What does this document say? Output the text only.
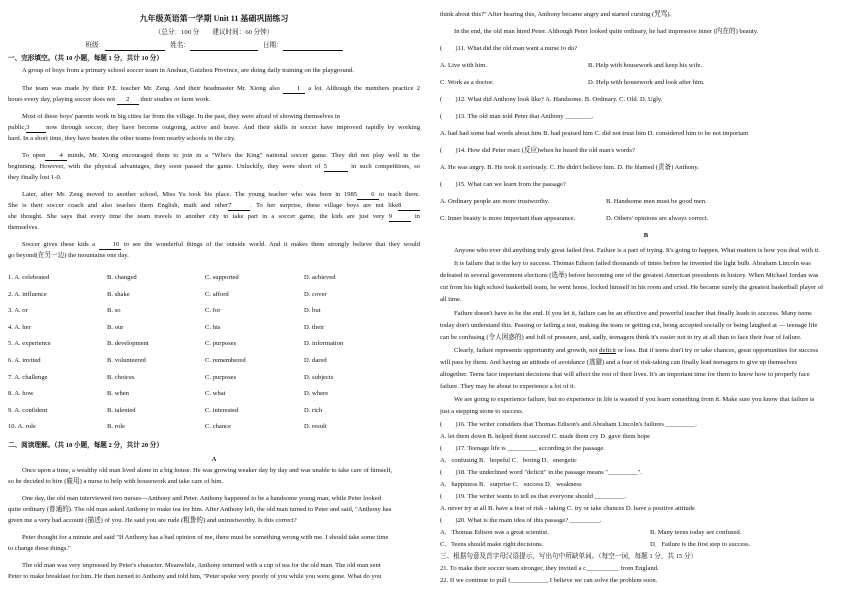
九年级英语第一学期 Unit 11 基础巩固练习
（总分：100 分　　建议时间：60 分钟）
班级：	姓名：	日期：
一、完形填空。（共 10 小题，每题 1 分，共计 10 分）
A group of boys from a primary school soccer team in Anshun, Guizhou Province, are doing daily training on the playground.
The team was made by their P.E. teacher Mr. Zeng. And their headmaster Mr. Xiong also	1 a lot. Although the members practice 2
hours every day, playing soccer does not 2 their studies or farm work.
Most of these boys' parents work in big cities far from the village. In the past, they were afraid of showing themselves in
public,3	now through soccer, they have become outgoing, active and brave. And their skills in soccer have improved rapidly by working
hard. In a short time, they have beaten the other teams from nearby schools in the city.
To open 4 minds, Mr. Xiong encouraged them to join in a "Who's the King" national soccer game. They did not play well in the
beginning. However, with the physical advantages, they soon passed the game. Unluckily, they were short of 5	in such competitions, so
they finally lost 1-0.
Later, after Mr. Zeng moved to another school, Miss Yu took his place. The young teacher who was born in 1985 6 to teach there.
She is their soccer coach and also teaches them English, math and other7	. To her surprise, these village boys are not like8
she thought. She says that every time the team travels to another city to take part in a soccer game, the kids are just very 9	in
themselves.
Soccer gives these kids a	10 to see the wonderful things of the outside world. And it makes them strongly believe that they would
go beyond(在另一边) the mountains one day.
1. A. celebrated	B. changed	C. supported	D. achieved
2. A. influence	B. shake	C. afford	D. cover
3. A. or	B. so	C. for	D. but
4. A. her	B. our	C. his	D. their
5. A. experience	B. development	C. purposes	D. information
6. A. invited	B. volunteered	C. remembered	D. dared
7. A. challenge	B. choices	C. purposes	D. subjects
8. A. how	B. when	C. what	D. where
9. A. confident	B. talented	C. interested	D. rich
10. A. rule	B. role	C. chance	D. result
二、阅读理解。（共 10 小题，每题 2 分，共计 20 分）
A
Once upon a time, a wealthy old man lived alone in a big house. He was growing weaker day by day and was unable to take care of himself,
so he decided to hire (雇用) a nurse to help with housework and take care of him.
One day, the old man interviewed two nurses—Anthony and Peter. Anthony happened to be a handsome young man, while Peter looked
quite ordinary (普通的). The old man asked Anthony to make tea for him. After Anthony left, the old man turned to Peter and said, "Anthony has
given me a very bad account (描述) of you. He said you are rude (粗鲁的) and untrustworthy. Is this correct?
Peter thought for a minute and said "If Anthony has a bad opinion of me, there must be something wrong with me. I should take some time
to change these things."
The old man was very impressed by Peter's character. Meanwhile, Anthony returned with a cup of tea for the old man. The old man sent
Peter to make breakfast for him. He then turned to Anthony and told him, "Peter spoke very poorly of you while you were gone. What do you
think about this?" After hearing this, Anthony became angry and started cursing (咒骂).
In the end, the old man hired Peter. Although Peter looked quite ordinary, he had impressive inner (内在的) beauty.
(　　)11. What did the old man want a nurse to do?
A. Live with him.	B. Help with housework and keep his wife.
C. Work as a doctor.	D. Help with housework and look after him.
(　　)12. What did Anthony look like? A. Handsome. B. Ordinary. C. Old. D. Ugly.
(　　)13. The old man told Peter that Anthony ________.
A. had had some bad words about him B. had praised him C. did not trust him D. considered him to be not important
(　　)14. How did Peter react (反应)when he heard the old man's words?
A. He was angry. B. He took it seriously. C. He didn't believe him. D. He blamed (责备) Anthony.
(　　)15. What can we learn from the passage?
A. Ordinary people are more trustworthy.	B. Handsome men must be good men.
C. Inner beauty is more important than appearance.	D. Others' opinions are always correct.
B
Anyone who ever did anything truly great failed first. Failure is a part of trying. It's going to happen. What matters is how you deal with it.
It is failure that is the key to success. Thomas Edison failed thousands of times before he invented the light bulb. Abraham Lincoln was
defeated in several government elections (选举) before becoming one of the greatest American presidents in history. When Michael Jordan was
cut from his high school basketball team, he went home, locked himself in his room and cried. He became surely the greatest basketball player of
all time.
Failure doesn't have to be the end. If you let it, failure can be an effective and powerful teacher that finally leads to success. Many teens
today don't understand this. Passing or failing a test, making the team or getting cut, being accepted socially or being laughed at — teenage life
can be confusing (令人困惑的) and full of pressure, and, sadly, teenagers think it's easier not to try at all than to face their fear of failure.
Clearly, failure represents opportunity and growth, not deficit or loss. But if teens don't try or take chances, great opportunities for success
will pass by them. And having an attitude of avoidance (逃避) and a fear of risk-taking can finally lead teenagers to give up themselves
altogether. Teens face important decisions that will affect the rest of their lives. It's an important time for them to know how to properly face
failure. They may be about to experience a lot of it.
We are going to experience failure, but no experience in life is wasted if you learn something from it. Make sure you know that failure is
just a stepping stone to success.
(　　)16. The writer considers that Thomas Edison's and Abraham Lincoln's failures _________.
A. let them down B. helped them succeed C. made them cry D. gave them hope
(　　)17. Teenage life is _________ according to the passage.
A．confusing B．hopeful C．boring D．energetic
(　　)18. The underlined word "deficit" in the passage means "_________".
A．happiness B．surprise C．success D．weakness
(　　)19. The writer wants to tell us that everyone should _________.
A. never try at all B. have a fear of risk - taking C. try or take chances D. have a positive attitude
(　　)20. What is the main idea of this passage? _________.
A．Thomas Edison was a great scientist.	B. Many teens today are confused.
C．Teens should make right decisions.	D．Failure is the first step to success.
三、根据句意及首字母汉语提示，写出句中所缺单词。（每空一词，每题 1 分，共 15 分）
21. To make their soccer team stronger, they invited a c__________ from England.
22. If we continue to pull t___________, I believe we can solve the problem soon.
